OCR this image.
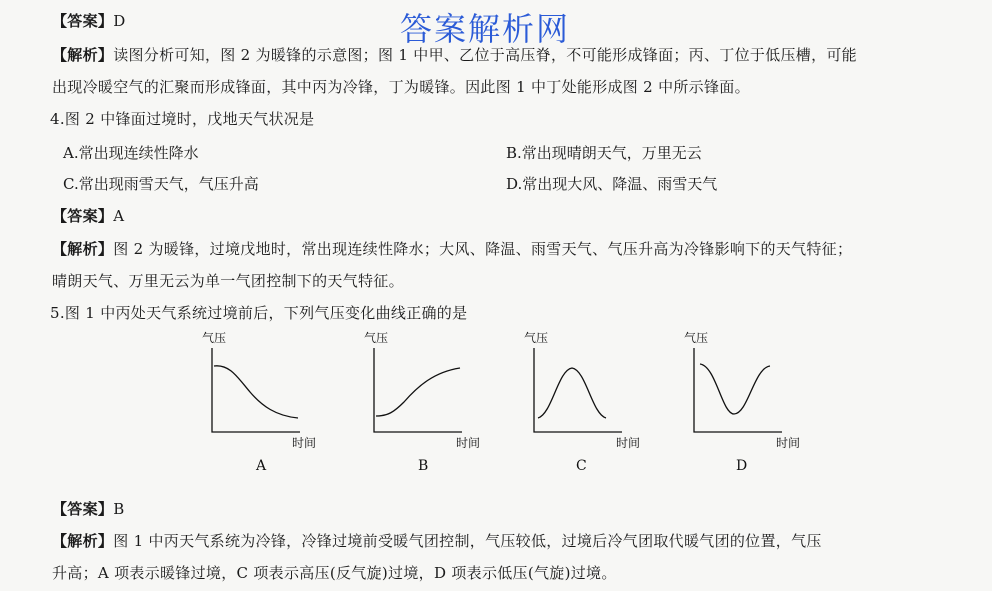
答案解析网
【答案】D
【解析】读图分析可知，图 2 为暖锋的示意图；图 1 中甲、乙位于高压脊，不可能形成锋面；丙、丁位于低压槽，可能
出现冷暖空气的汇聚而形成锋面，其中丙为冷锋，丁为暖锋。因此图 1 中丁处能形成图 2 中所示锋面。
4.图 2 中锋面过境时，戊地天气状况是
A.常出现连续性降水	B.常出现晴朗天气，万里无云
C.常出现雨雪天气，气压升高	D.常出现大风、降温、雨雪天气
【答案】A
【解析】图 2 为暖锋，过境戊地时，常出现连续性降水；大风、降温、雨雪天气、气压升高为冷锋影响下的天气特征；
晴朗天气、万里无云为单一气团控制下的天气特征。
5.图 1 中丙处天气系统过境前后，下列气压变化曲线正确的是
气压
时间
A
气压
时间
B
气压
时间
C
气压
时间
D
【答案】B
【解析】图 1 中丙天气系统为冷锋，冷锋过境前受暖气团控制，气压较低，过境后冷气团取代暖气团的位置，气压
升高；A 项表示暖锋过境，C 项表示高压(反气旋)过境，D 项表示低压(气旋)过境。
